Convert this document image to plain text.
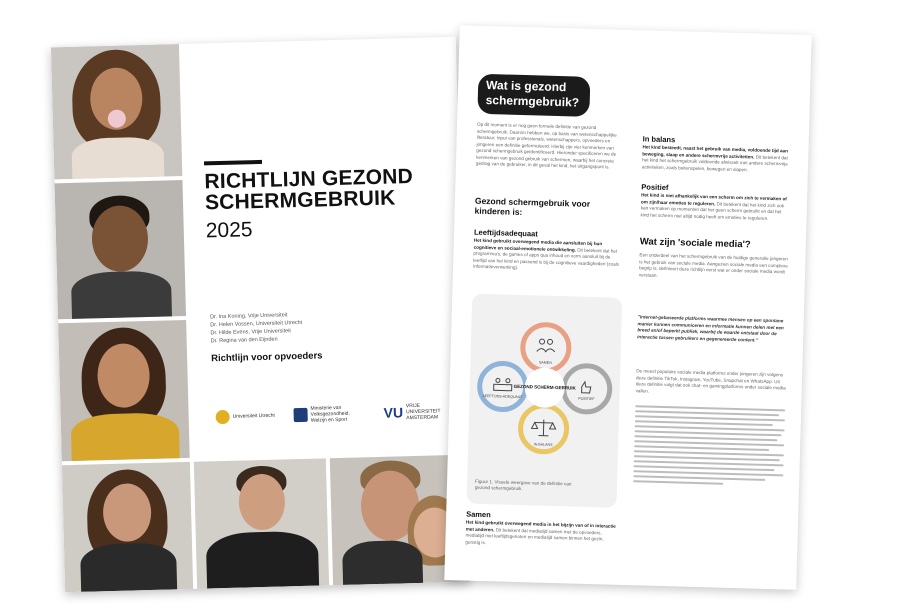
RICHTLIJN GEZOND
SCHERMGEBRUIK
2025
Dr. Ina Koning, Vrije Universiteit
Dr. Helen Vossen, Universiteit Utrecht
Dr. Hilde Evens, Vrije Universiteit
Dr. Regina van den Eijnden
Richtlijn voor opvoeders
Universiteit Utrecht
Ministerie van Volksgezondheid, Welzijn en Sport	VU VRIJE UNIVERSITEIT AMSTERDAM
Wat is gezond schermgebruik?
Op dit moment is er nog geen formele definitie van gezond schermgebruik. Daarom hebben we, op basis van wetenschappelijke literatuur, input van professionals, wetenschappers, opvoeders en jongeren een definitie geformuleerd. Hierbij zijn vier kenmerken van gezond schermgebruik geïdentificeerd. Hieronder specificeren we de kenmerken van gezond gebruik van schermen, waarbij het concrete gedrag van de gebruiker, in dit geval het kind, het uitgangspunt is.
Gezond schermgebruik voor kinderen is:
Leeftijdsadequaat
Het kind gebruikt overwegend media die aansluiten bij hun cognitieve en sociaal-emotionele ontwikkeling. Dit betekent dat het programma's, de games of apps qua inhoud en vorm aansluit bij de leeftijd van het kind en passend is bij de cognitieve vaardigheden (zoals informatieverwerking).
SAMEN
LEEFTIJDS-ADEQUAAT	POSITIEF
IN BALANS
GEZOND SCHERM-GEBRUIK
Figuur 1. Visuele weergave van de definitie van gezond schermgebruik.
Samen
Het kind gebruikt overwegend media in het bijzijn van of in interactie met anderen. Dit betekent dat mediatijd samen met de opvoeders, mediatijd met leeftijdsgenoten en mediatijd samen binnen het gezin, gunstig is.
In balans
Het kind besteedt, naast het gebruik van media, voldoende tijd aan beweging, slaap en andere schermvrije activiteiten. Dit betekent dat het kind het schermgebruik voldoende afwisselt met andere schermvrije activiteiten, zoals buitenspelen, bewegen en slapen.
Positief
Het kind is niet afhankelijk van een scherm om zich te vermaken of om zijn/haar emoties te reguleren. Dit betekent dat het kind zich ook kan vermaken op momenten dat het geen scherm gebruikt en dat het kind het scherm niet altijd nodig heeft om emoties te reguleren.
Wat zijn 'sociale media'?
Een onderdeel van het schermgebruik van de huidige generatie jongeren is het gebruik van sociale media. Aangezien sociale media een complexe begrip is, definieert deze richtlijn eerst wat er onder sociale media wordt verstaan.
"Internet-gebaseerde platforms waarmee mensen op een spontane manier kunnen communiceren en informatie kunnen delen met een breed en/of beperkt publiek, waarbij de waarde ontstaat door de interactie tussen gebruikers en gegenereerde content."
De meest populaire sociale media platforms onder jongeren zijn volgens deze definitie TikTok, Instagram, YouTube, Snapchat en WhatsApp. Uit deze definitie volgt dat ook chat- en gamingplatforms onder sociale media vallen.
